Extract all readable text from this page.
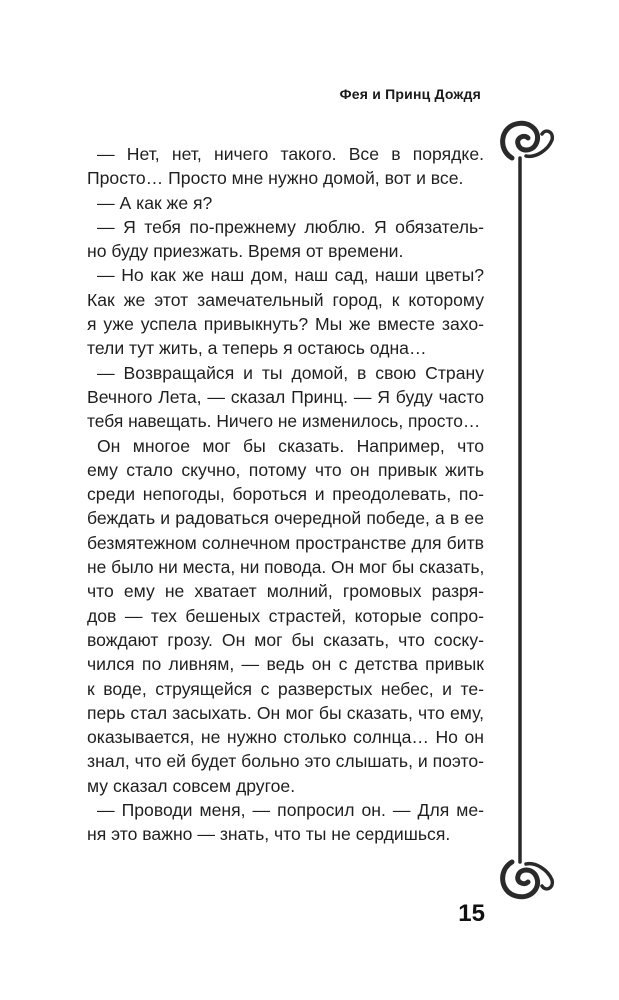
Фея и Принц Дождя
— Нет, нет, ничего такого. Все в порядке.
Просто… Просто мне нужно домой, вот и все.
— А как же я?
— Я тебя по-прежнему люблю. Я обязатель-
но буду приезжать. Время от времени.
— Но как же наш дом, наш сад, наши цветы?
Как же этот замечательный город, к которому
я уже успела привыкнуть? Мы же вместе захо-
тели тут жить, а теперь я остаюсь одна…
— Возвращайся и ты домой, в свою Страну
Вечного Лета, — сказал Принц. — Я буду часто
тебя навещать. Ничего не изменилось, просто…
Он многое мог бы сказать. Например, что
ему стало скучно, потому что он привык жить
среди непогоды, бороться и преодолевать, по-
беждать и радоваться очередной победе, а в ее
безмятежном солнечном пространстве для битв
не было ни места, ни повода. Он мог бы сказать,
что ему не хватает молний, громовых разря-
дов — тех бешеных страстей, которые сопро-
вождают грозу. Он мог бы сказать, что соску-
чился по ливням, — ведь он с детства привык
к воде, струящейся с разверстых небес, и те-
перь стал засыхать. Он мог бы сказать, что ему,
оказывается, не нужно столько солнца… Но он
знал, что ей будет больно это слышать, и поэто-
му сказал совсем другое.
— Проводи меня, — попросил он. — Для ме-
ня это важно — знать, что ты не сердишься.
15
